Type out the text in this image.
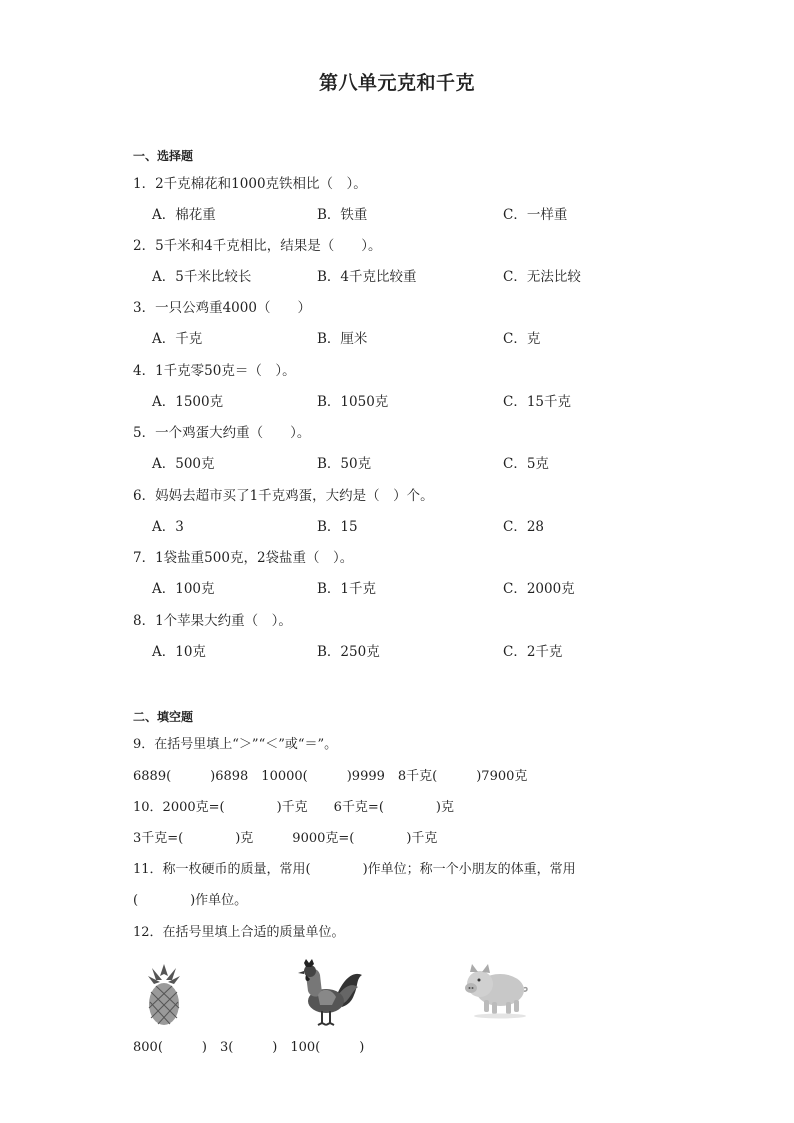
第八单元克和千克
一、选择题
1．2千克棉花和1000克铁相比（　）。
A．棉花重	B．铁重	C．一样重
2．5千米和4千克相比，结果是（　　）。
A．5千米比较长	B．4千克比较重	C．无法比较
3．一只公鸡重4000（　　）
A．千克	B．厘米	C．克
4．1千克零50克＝（　）。
A．1500克	B．1050克	C．15千克
5．一个鸡蛋大约重（　　）。
A．500克	B．50克	C．5克
6．妈妈去超市买了1千克鸡蛋，大约是（　）个。
A．3	B．15	C．28
7．1袋盐重500克，2袋盐重（　）。
A．100克	B．1千克	C．2000克
8．1个苹果大约重（　）。
A．10克	B．250克	C．2千克
二、填空题
9．在括号里填上“＞”“＜”或“＝”。
6889(　　　)6898　10000(　　　)9999　8千克(　　　)7900克
10．2000克=(　　　　)千克　　6千克=(　　　　)克
3千克=(　　　　)克　　　9000克=(　　　　)千克
11．称一枚硬币的质量，常用(　　　　)作单位；称一个小朋友的体重，常用
(　　　　)作单位。
12．在括号里填上合适的质量单位。
800(　　　)　3(　　　)　100(　　　)
